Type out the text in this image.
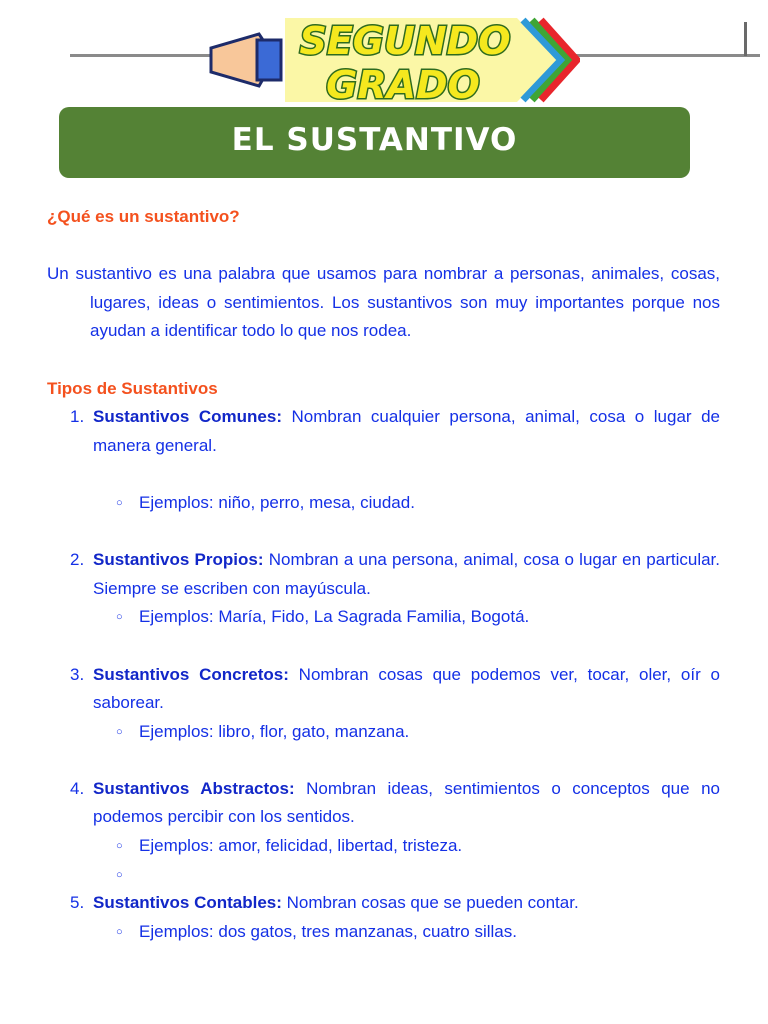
SEGUNDO
GRADO
EL SUSTANTIVO

¿Qué es un sustantivo?

Un sustantivo es una palabra que usamos para nombrar a personas, animales, cosas, lugares, ideas o sentimientos. Los sustantivos son muy importantes porque nos ayudan a identificar todo lo que nos rodea.

Tipos de Sustantivos

1. Sustantivos Comunes: Nombran cualquier persona, animal, cosa o lugar de manera general.
○ Ejemplos: niño, perro, mesa, ciudad.
2. Sustantivos Propios: Nombran a una persona, animal, cosa o lugar en particular. Siempre se escriben con mayúscula.
○ Ejemplos: María, Fido, La Sagrada Familia, Bogotá.
3. Sustantivos Concretos: Nombran cosas que podemos ver, tocar, oler, oír o saborear.
○ Ejemplos: libro, flor, gato, manzana.
4. Sustantivos Abstractos: Nombran ideas, sentimientos o conceptos que no podemos percibir con los sentidos.
○ Ejemplos: amor, felicidad, libertad, tristeza.
○

5. Sustantivos Contables: Nombran cosas que se pueden contar.
○ Ejemplos: dos gatos, tres manzanas, cuatro sillas.
